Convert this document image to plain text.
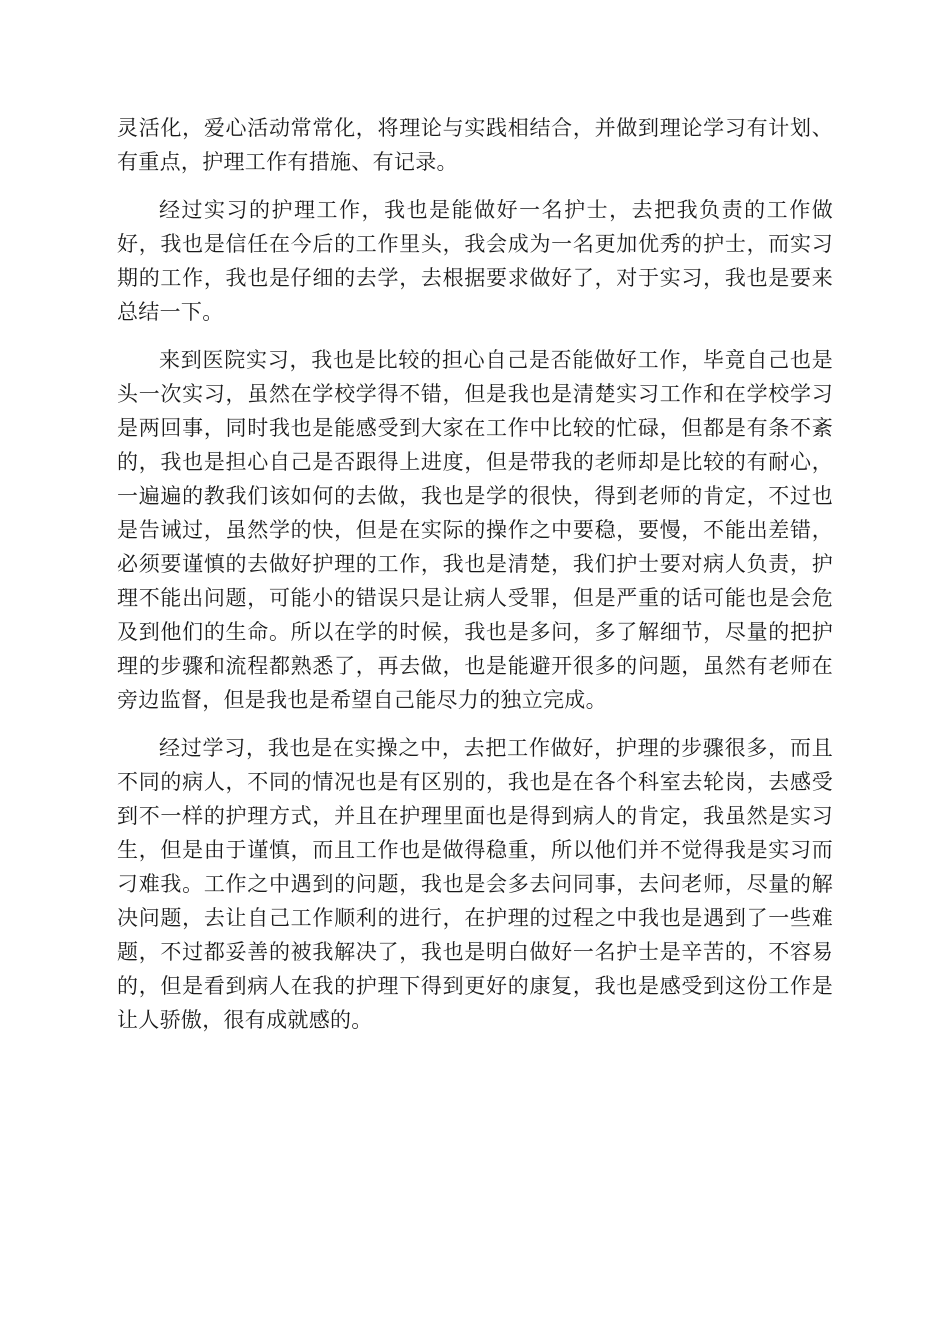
灵活化，爱心活动常常化，将理论与实践相结合，并做到理论学习有计划、有重点，护理工作有措施、有记录。

经过实习的护理工作，我也是能做好一名护士，去把我负责的工作做好，我也是信任在今后的工作里头，我会成为一名更加优秀的护士，而实习期的工作，我也是仔细的去学，去根据要求做好了，对于实习，我也是要来总结一下。

来到医院实习，我也是比较的担心自己是否能做好工作，毕竟自己也是头一次实习，虽然在学校学得不错，但是我也是清楚实习工作和在学校学习是两回事，同时我也是能感受到大家在工作中比较的忙碌，但都是有条不紊的，我也是担心自己是否跟得上进度，但是带我的老师却是比较的有耐心，一遍遍的教我们该如何的去做，我也是学的很快，得到老师的肯定，不过也是告诫过，虽然学的快，但是在实际的操作之中要稳，要慢，不能出差错，必须要谨慎的去做好护理的工作，我也是清楚，我们护士要对病人负责，护理不能出问题，可能小的错误只是让病人受罪，但是严重的话可能也是会危及到他们的生命。所以在学的时候，我也是多问，多了解细节，尽量的把护理的步骤和流程都熟悉了，再去做，也是能避开很多的问题，虽然有老师在旁边监督，但是我也是希望自己能尽力的独立完成。

经过学习，我也是在实操之中，去把工作做好，护理的步骤很多，而且不同的病人，不同的情况也是有区别的，我也是在各个科室去轮岗，去感受到不一样的护理方式，并且在护理里面也是得到病人的肯定，我虽然是实习生，但是由于谨慎，而且工作也是做得稳重，所以他们并不觉得我是实习而刁难我。工作之中遇到的问题，我也是会多去问同事，去问老师，尽量的解决问题，去让自己工作顺利的进行，在护理的过程之中我也是遇到了一些难题，不过都妥善的被我解决了，我也是明白做好一名护士是辛苦的，不容易的，但是看到病人在我的护理下得到更好的康复，我也是感受到这份工作是让人骄傲，很有成就感的。
